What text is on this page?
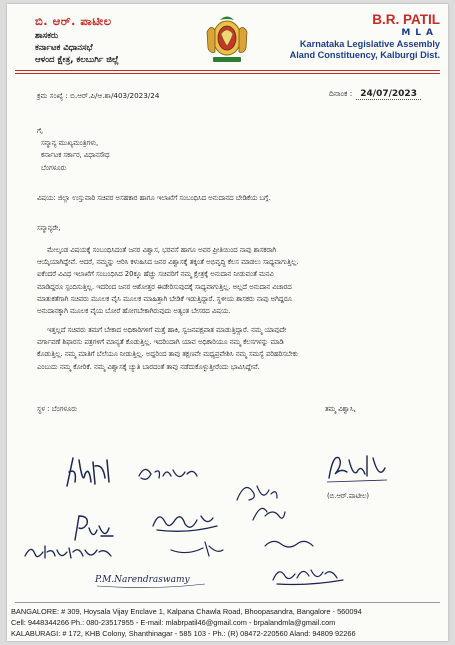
ಬಿ. ಆರ್. ಪಾಟೀಲ
ಶಾಸಕರು
ಕರ್ನಾಟಕ ವಿಧಾನಸಭೆ
ಆಳಂದ ಕ್ಷೇತ್ರ, ಕಲಬುರ್ಗಿ ಜಿಲ್ಲೆ
B.R. PATIL
MLA
Karnataka Legislative Assembly
Aland Constituency, Kalburgi Dist.
ಕ್ರಮ ಸಂಖ್ಯೆ : ಬಿ.ಆರ್.ಪಿ/ಆ.ಶಾ/403/2023/24	ದಿನಾಂಕ : 24/07/2023
ಗೆ,
ಸನ್ಮಾನ್ಯ ಮುಖ್ಯಮಂತ್ರಿಗಳು,
ಕರ್ನಾಟಕ ಸರ್ಕಾರ, ವಿಧಾನಸೌಧ
ಬೆಂಗಳೂರು
ವಿಷಯ: ಜಿಲ್ಲಾ ಉಸ್ತುವಾರಿ ಸಚಿವರ ಅಸಹಕಾರ ಹಾಗೂ ಇಲಾಖೆಗೆ ಸಂಬಂಧಿಸಿದ ಅನುದಾನದ ಬೇಡಿಕೆಯ ಬಗ್ಗೆ.
ಸನ್ಮಾನ್ಯರೇ,
ಮೇಲ್ಕಂಡ ವಿಷಯಕ್ಕೆ ಸಂಬಂಧಿಸಿದಂತೆ ಜನರ ವಿಶ್ವಾಸ, ಭರವಸೆ ಹಾಗೂ ಅವರ ಪ್ರೀತಿಯಿಂದ ನಾವು ಶಾಸಕರಾಗಿ
ಆಯ್ಕೆಯಾಗಿದ್ದೇವೆ. ಆದರೆ, ನಮ್ಮನ್ನು ಆರಿಸಿ ಕಳುಹಿಸಿದ ಜನರ ವಿಶ್ವಾಸಕ್ಕೆ ತಕ್ಕಂತೆ ಅಭಿವೃದ್ಧಿ ಕೆಲಸ ಮಾಡಲು ಸಾಧ್ಯವಾಗುತ್ತಿಲ್ಲ.
ಐಕೆಂದರೆ ವಿವಿಧ ಇಲಾಖೆಗೆ ಸಂಬಂಧಿಸಿದ 20ಕ್ಕೂ ಹೆಚ್ಚು ಸಚಿವರಿಗೆ ನಮ್ಮ ಕ್ಷೇತ್ರಕ್ಕೆ ಅನುದಾನ ನೀಡುವಂತೆ ಮನವಿ
ಮಾಡಿದ್ದರೂ ಸ್ಪಂದಿಸುತ್ತಿಲ್ಲ. ಇದರಿಂದ ಜನರ ಆಶೋತ್ತರ ಈಡೇರಿಸುವುದಕ್ಕೆ ಸಾಧ್ಯವಾಗುತ್ತಿಲ್ಲ. ಅಲ್ಲದೆ ಅನುದಾನ ವಿಚಾರದ
ಮಾತುಕತೆಗಾಗಿ ಸಚಿವರು ಮೂಲಕ ವೈಸಿ ಮೂಲಕ ಮಾಹಿತ್ತಾಗಿ ಬೇಡಿಕೆ ಇಡುತ್ತಿದ್ದಾರೆ. ಸ್ಥಳೀಯ ಶಾಸಕರು ನಾವು ಅಗಿದ್ದರೂ
ಅನುದಾನಕ್ಕಾಗಿ ಮೂಲಕ ವೈಯ ಬೋರೆ ಹೋಗಬೇಕಾಗಿರುವುದು ಅತ್ಯಂತ ಬೇಸರದ ವಿಷಯ.
ಇತ್ತಲ್ಲದೆ ಸಚಿವರು ತಮಗೆ ಬೇಕಾದ ಅಧಿಕಾರಿಗಳಿಗೆ ಮತ್ತೆ ಹಾಕಿ, ಸ್ವಜನಪಕ್ಷಪಾತ ಮಾಡುತ್ತಿದ್ದಾರೆ. ನಮ್ಮ ಯಾವುದೇ
ವರ್ಗಾವಣೆ ಶಿಫಾರಸು ಪತ್ರಗಳಿಗೆ ಮಾನ್ಯತೆ ಕೊಡುತ್ತಿಲ್ಲ. ಇದರಿಂದಾಗಿ ಯಾವ ಅಧಿಕಾರಿಯೂ ನಮ್ಮ ಕೆಲಸಗಳನ್ನು ಮಾಡಿ
ಕೊಡುತ್ತಿಲ್ಲ. ನಮ್ಮ ಮಾತಿಗೆ ಬೆಲೆಯೂ ನೀಡುತ್ತಿಲ್ಲ. ಅದ್ದರಿಂದ ತಾವು ತಕ್ಷಣವೇ ಮಧ್ಯಪ್ರವೇಶಿಸಿ ನಮ್ಮ ಸಮಸ್ಯೆ ಪರಿಹರಿಸಬೇಕು
ಎಂಬುದು ನಮ್ಮ ಕೋರಿಕೆ. ನಮ್ಮ ವಿಶ್ವಾಸಕ್ಕೆ ಚ್ಯುತಿ ಬಾರದಂತೆ ತಾವು ನಡೆದುಕೊಳ್ಳುತ್ತೀರೆಂದು ಭಾವಿಸಿದ್ದೇವೆ.
ಸ್ಥಳ : ಬೆಂಗಳೂರು	ತಮ್ಮ ವಿಶ್ವಾಸಿ,
(ಬಿ.ಆರ್.ಪಾಟೀಲ)
P.M.Narendraswamy
BANGALORE: # 309, Hoysala Vijay Enclave 1, Kalpana Chawla Road, Bhoopasandra, Bangalore - 560094
Cell: 9448344266 Ph.: 080-23517955 - E-mail: mlabrpatil46@gmail.com - brpalandmla@gmail.com
KALABURAGI: # 172, KHB Colony, Shanthinagar - 585 103 - Ph.: (R) 08472-220560 Aland: 94809 92266
